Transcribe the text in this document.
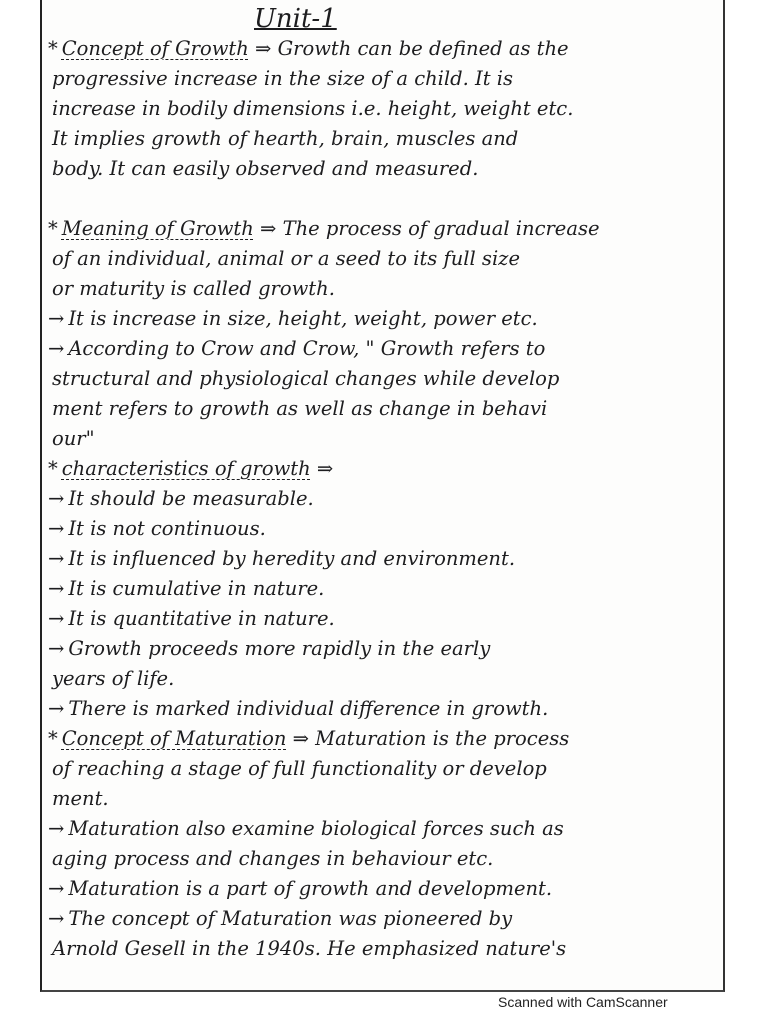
Unit-1
* Concept of Growth ⇒ Growth can be defined as the
progressive increase in the size of a child. It is
increase in bodily dimensions i.e. height, weight etc.
It implies growth of hearth, brain, muscles and
body. It can easily observed and measured.
* Meaning of Growth ⇒ The process of gradual increase
of an individual, animal or a seed to its full size
or maturity is called growth.
→ It is increase in size, height, weight, power etc.
→ According to Crow and Crow, " Growth refers to
structural and physiological changes while develop
ment refers to growth as well as change in behavi
our"
* characteristics of growth ⇒
→ It should be measurable.
→ It is not continuous.
→ It is influenced by heredity and environment.
→ It is cumulative in nature.
→ It is quantitative in nature.
→ Growth proceeds more rapidly in the early
years of life.
→ There is marked individual difference in growth.
* Concept of Maturation ⇒ Maturation is the process
of reaching a stage of full functionality or develop
ment.
→ Maturation also examine biological forces such as
aging process and changes in behaviour etc.
→ Maturation is a part of growth and development.
→ The concept of Maturation was pioneered by
Arnold Gesell in the 1940s. He emphasized nature's
Scanned with CamScanner
